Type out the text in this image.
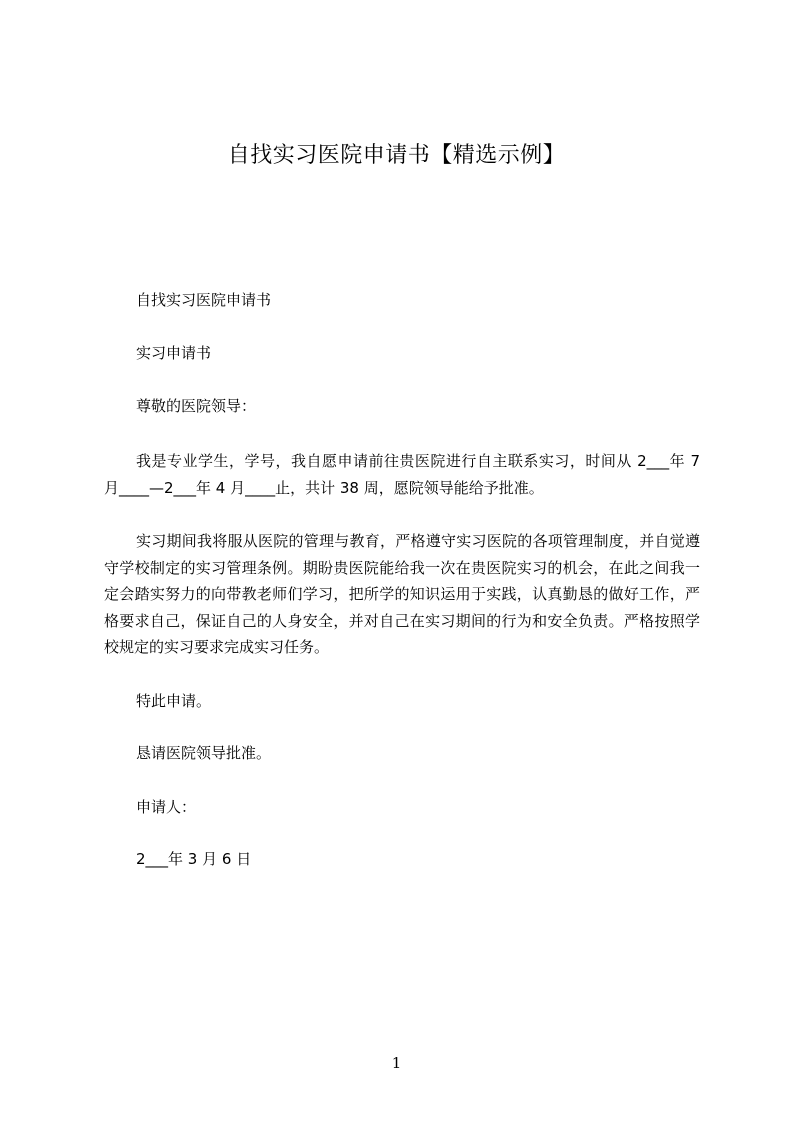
自找实习医院申请书【精选示例】
自找实习医院申请书
实习申请书
尊敬的医院领导：
我是专业学生，学号，我自愿申请前往贵医院进行自主联系实习，时间从 2___年 7 月____—2___年 4 月____止，共计 38 周，愿院领导能给予批准。
实习期间我将服从医院的管理与教育，严格遵守实习医院的各项管理制度，并自觉遵守学校制定的实习管理条例。期盼贵医院能给我一次在贵医院实习的机会，在此之间我一定会踏实努力的向带教老师们学习，把所学的知识运用于实践，认真勤恳的做好工作，严格要求自己，保证自己的人身安全，并对自己在实习期间的行为和安全负责。严格按照学校规定的实习要求完成实习任务。
特此申请。
恳请医院领导批准。
申请人：
2___年 3 月 6 日
1
